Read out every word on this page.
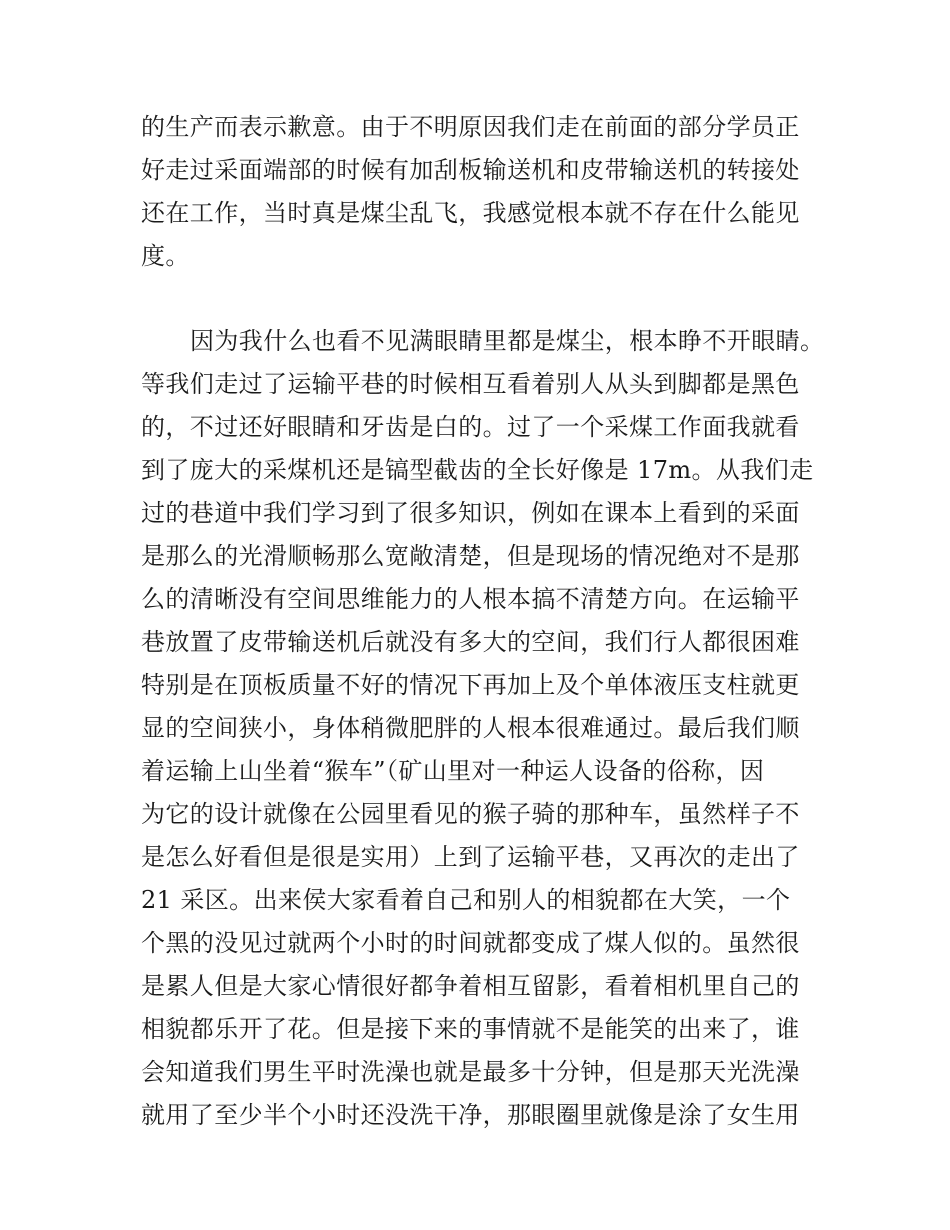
的生产而表示歉意。由于不明原因我们走在前面的部分学员正
好走过采面端部的时候有加刮板输送机和皮带输送机的转接处
还在工作，当时真是煤尘乱飞，我感觉根本就不存在什么能见
度。
因为我什么也看不见满眼睛里都是煤尘，根本睁不开眼睛。
等我们走过了运输平巷的时候相互看着别人从头到脚都是黑色
的，不过还好眼睛和牙齿是白的。过了一个采煤工作面我就看
到了庞大的采煤机还是镐型截齿的全长好像是 17m。从我们走
过的巷道中我们学习到了很多知识，例如在课本上看到的采面
是那么的光滑顺畅那么宽敞清楚，但是现场的情况绝对不是那
么的清晰没有空间思维能力的人根本搞不清楚方向。在运输平
巷放置了皮带输送机后就没有多大的空间，我们行人都很困难
特别是在顶板质量不好的情况下再加上及个单体液压支柱就更
显的空间狭小，身体稍微肥胖的人根本很难通过。最后我们顺
着运输上山坐着“猴车”（矿山里对一种运人设备的俗称，因
为它的设计就像在公园里看见的猴子骑的那种车，虽然样子不
是怎么好看但是很是实用）上到了运输平巷，又再次的走出了
21 采区。出来侯大家看着自己和别人的相貌都在大笑，一个
个黑的没见过就两个小时的时间就都变成了煤人似的。虽然很
是累人但是大家心情很好都争着相互留影，看着相机里自己的
相貌都乐开了花。但是接下来的事情就不是能笑的出来了，谁
会知道我们男生平时洗澡也就是最多十分钟，但是那天光洗澡
就用了至少半个小时还没洗干净，那眼圈里就像是涂了女生用
